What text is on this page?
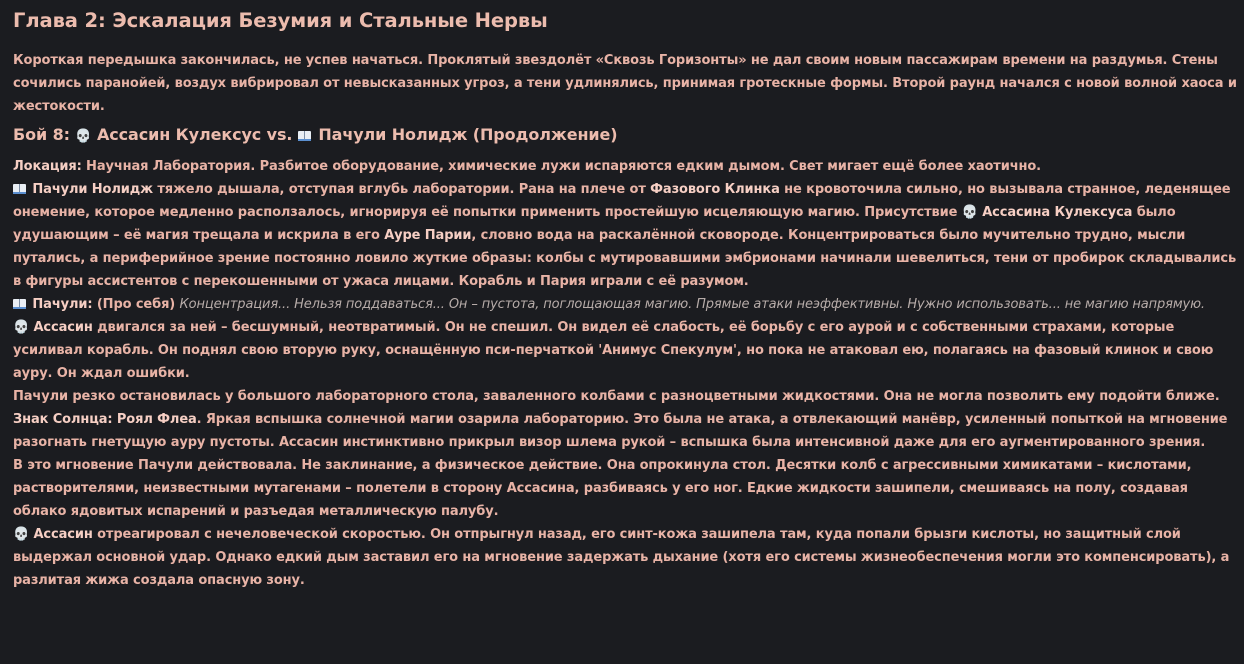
Глава 2: Эскалация Безумия и Стальные Нервы

Короткая передышка закончилась, не успев начаться. Проклятый звездолёт «Сквозь Горизонты» не дал своим новым пассажирам времени на раздумья. Стены сочились паранойей, воздух вибрировал от невысказанных угроз, а тени удлинялись, принимая гротескные формы. Второй раунд начался с новой волной хаоса и жестокости.

Бой 8: 💀 Ассасин Кулексус vs. Пачули Нолидж (Продолжение)

Локация: Научная Лаборатория. Разбитое оборудование, химические лужи испаряются едким дымом. Свет мигает ещё более хаотично.

Пачули Нолидж тяжело дышала, отступая вглубь лаборатории. Рана на плече от Фазового Клинка не кровоточила сильно, но вызывала странное, леденящее онемение, которое медленно расползалось, игнорируя её попытки применить простейшую исцеляющую магию. Присутствие 💀 Ассасина Кулексуса было удушающим – её магия трещала и искрила в его Ауре Парии, словно вода на раскалённой сковороде. Концентрироваться было мучительно трудно, мысли путались, а периферийное зрение постоянно ловило жуткие образы: колбы с мутировавшими эмбрионами начинали шевелиться, тени от пробирок складывались в фигуры ассистентов с перекошенными от ужаса лицами. Корабль и Пария играли с её разумом.

Пачули: (Про себя) Концентрация... Нельзя поддаваться... Он – пустота, поглощающая магию. Прямые атаки неэффективны. Нужно использовать... не магию напрямую.

💀 Ассасин двигался за ней – бесшумный, неотвратимый. Он не спешил. Он видел её слабость, её борьбу с его аурой и с собственными страхами, которые усиливал корабль. Он поднял свою вторую руку, оснащённую пси-перчаткой 'Анимус Спекулум', но пока не атаковал ею, полагаясь на фазовый клинок и свою ауру. Он ждал ошибки.

Пачули резко остановилась у большого лабораторного стола, заваленного колбами с разноцветными жидкостями. Она не могла позволить ему подойти ближе. Знак Солнца: Роял Флеа. Яркая вспышка солнечной магии озарила лабораторию. Это была не атака, а отвлекающий манёвр, усиленный попыткой на мгновение разогнать гнетущую ауру пустоты. Ассасин инстинктивно прикрыл визор шлема рукой – вспышка была интенсивной даже для его аугментированного зрения.

В это мгновение Пачули действовала. Не заклинание, а физическое действие. Она опрокинула стол. Десятки колб с агрессивными химикатами – кислотами, растворителями, неизвестными мутагенами – полетели в сторону Ассасина, разбиваясь у его ног. Едкие жидкости зашипели, смешиваясь на полу, создавая облако ядовитых испарений и разъедая металлическую палубу.

💀 Ассасин отреагировал с нечеловеческой скоростью. Он отпрыгнул назад, его синт-кожа зашипела там, куда попали брызги кислоты, но защитный слой выдержал основной удар. Однако едкий дым заставил его на мгновение задержать дыхание (хотя его системы жизнеобеспечения могли это компенсировать), а разлитая жижа создала опасную зону.
